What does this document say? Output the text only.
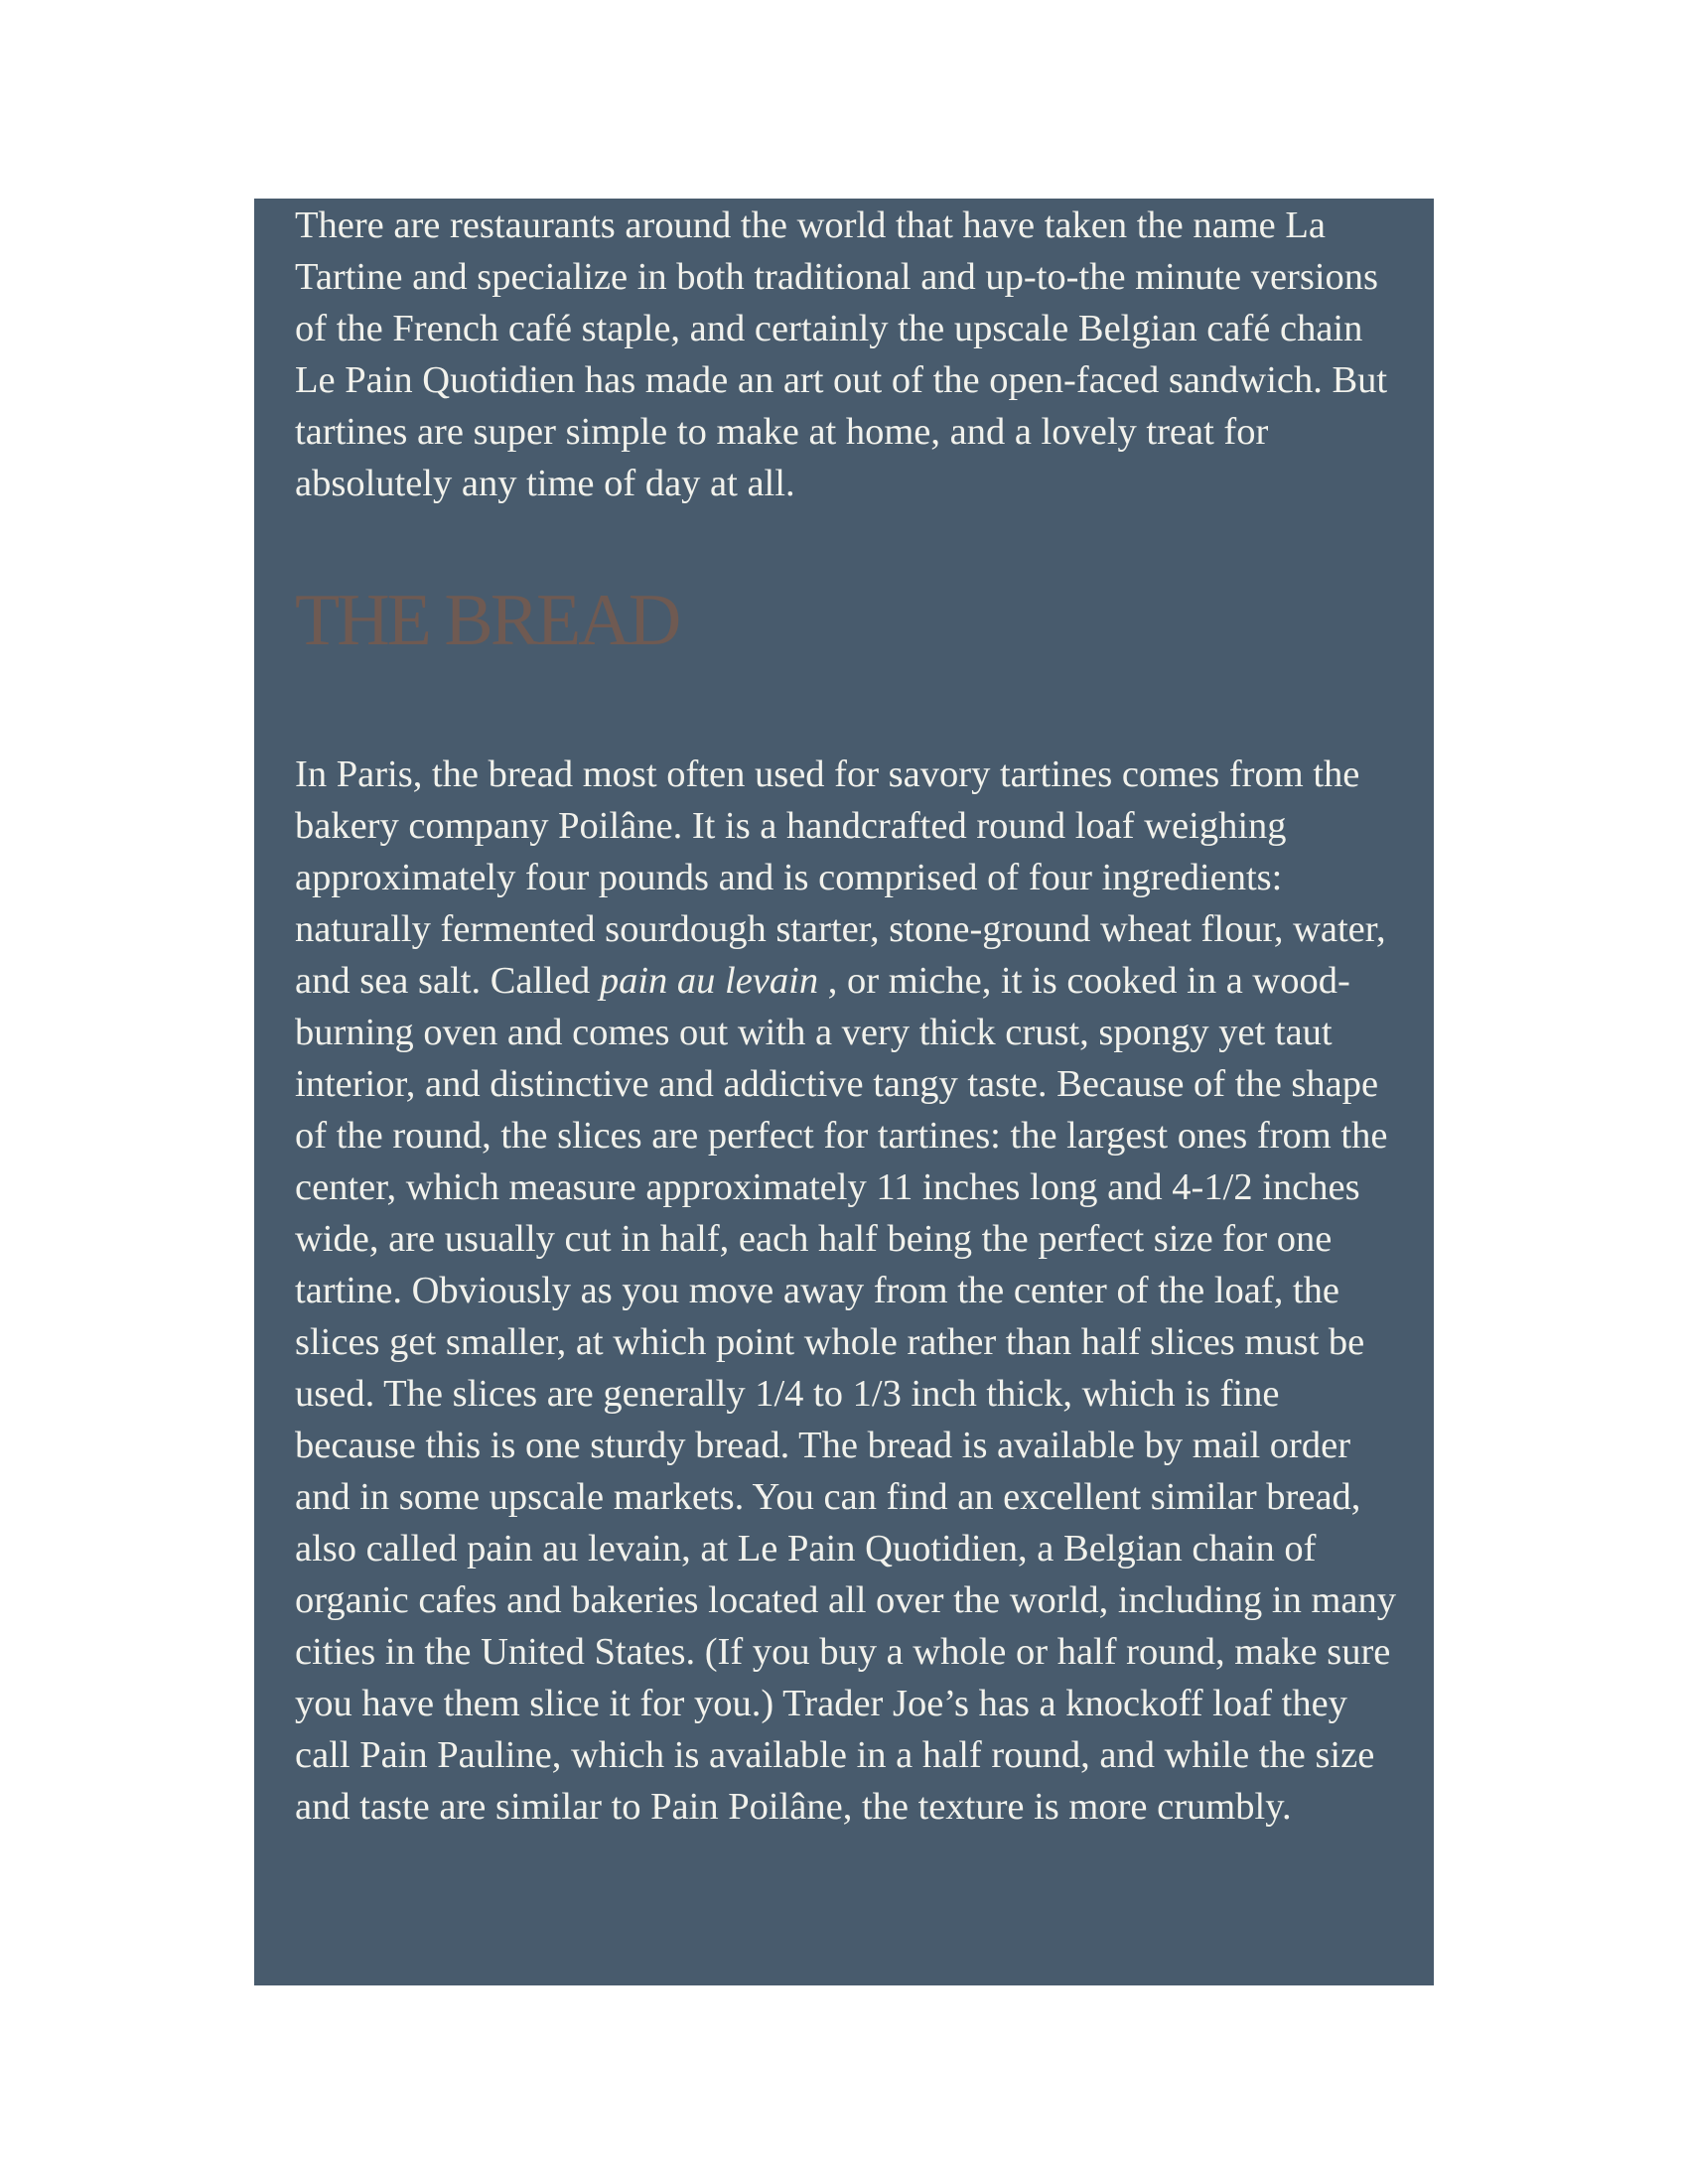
There are restaurants around the world that have taken the name La Tartine and specialize in both traditional and up-to-the minute versions of the French café staple, and certainly the upscale Belgian café chain Le Pain Quotidien has made an art out of the open-faced sandwich. But tartines are super simple to make at home, and a lovely treat for absolutely any time of day at all.

THE BREAD

In Paris, the bread most often used for savory tartines comes from the bakery company Poilâne. It is a handcrafted round loaf weighing approximately four pounds and is comprised of four ingredients: naturally fermented sourdough starter, stone-ground wheat flour, water, and sea salt. Called pain au levain , or miche, it is cooked in a wood-burning oven and comes out with a very thick crust, spongy yet taut interior, and distinctive and addictive tangy taste. Because of the shape of the round, the slices are perfect for tartines: the largest ones from the center, which measure approximately 11 inches long and 4-1/2 inches wide, are usually cut in half, each half being the perfect size for one tartine. Obviously as you move away from the center of the loaf, the slices get smaller, at which point whole rather than half slices must be used. The slices are generally 1/4 to 1/3 inch thick, which is fine because this is one sturdy bread. The bread is available by mail order and in some upscale markets. You can find an excellent similar bread, also called pain au levain, at Le Pain Quotidien, a Belgian chain of organic cafes and bakeries located all over the world, including in many cities in the United States. (If you buy a whole or half round, make sure you have them slice it for you.) Trader Joe’s has a knockoff loaf they call Pain Pauline, which is available in a half round, and while the size and taste are similar to Pain Poilâne, the texture is more crumbly.
